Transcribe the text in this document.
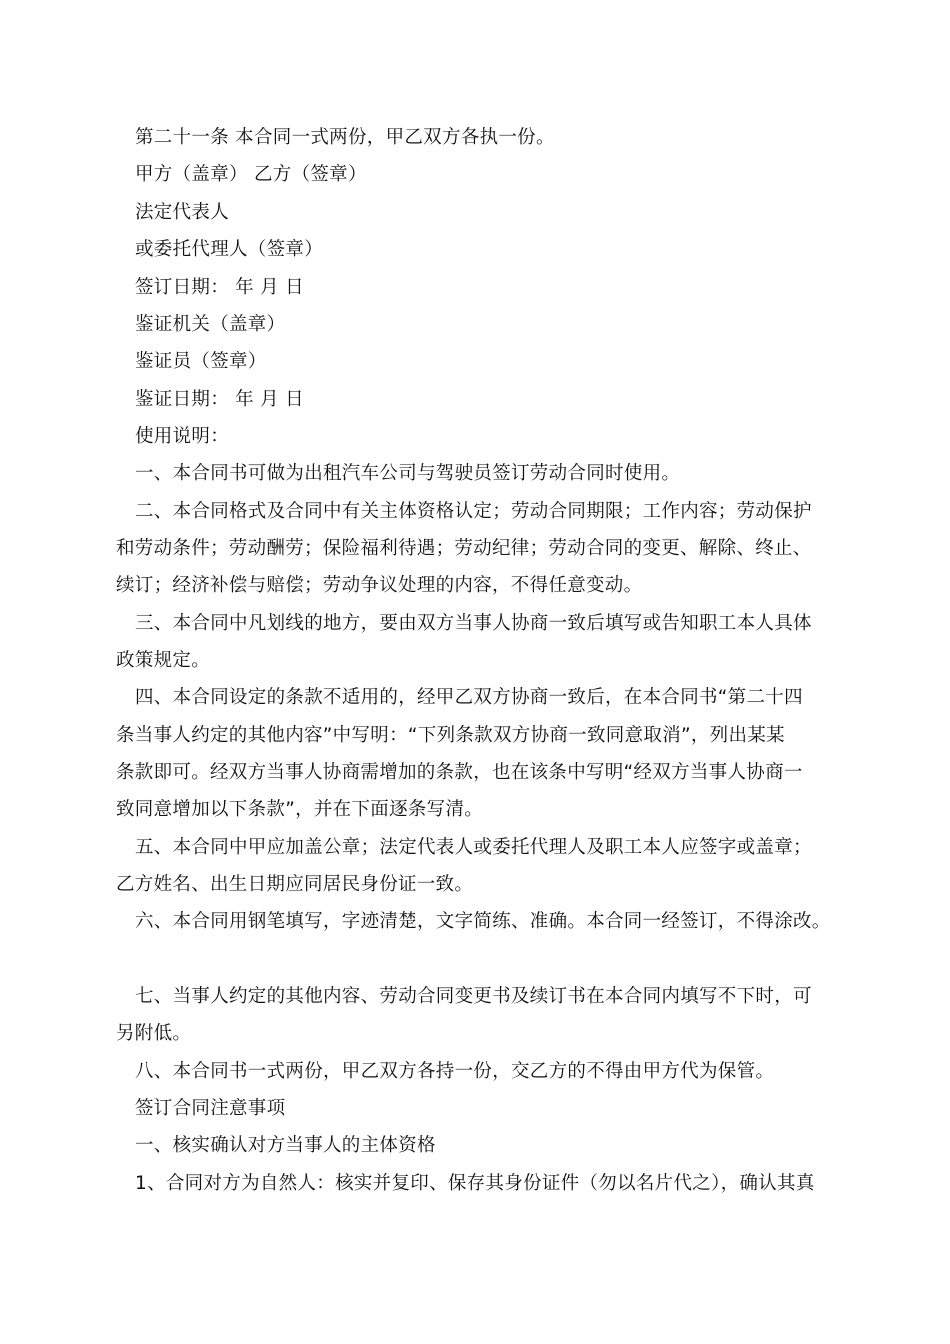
第二十一条 本合同一式两份，甲乙双方各执一份。
甲方（盖章） 乙方（签章）
法定代表人
或委托代理人（签章）
签订日期： 年 月 日
鉴证机关（盖章）
鉴证员（签章）
鉴证日期： 年 月 日
使用说明：
一、本合同书可做为出租汽车公司与驾驶员签订劳动合同时使用。
二、本合同格式及合同中有关主体资格认定；劳动合同期限；工作内容；劳动保护
和劳动条件；劳动酬劳；保险福利待遇；劳动纪律；劳动合同的变更、解除、终止、
续订；经济补偿与赔偿；劳动争议处理的内容，不得任意变动。
三、本合同中凡划线的地方，要由双方当事人协商一致后填写或告知职工本人具体
政策规定。
四、本合同设定的条款不适用的，经甲乙双方协商一致后，在本合同书“第二十四
条当事人约定的其他内容”中写明：“下列条款双方协商一致同意取消”，列出某某
条款即可。经双方当事人协商需增加的条款，也在该条中写明“经双方当事人协商一
致同意增加以下条款”，并在下面逐条写清。
五、本合同中甲应加盖公章；法定代表人或委托代理人及职工本人应签字或盖章；
乙方姓名、出生日期应同居民身份证一致。
六、本合同用钢笔填写，字迹清楚，文字简练、准确。本合同一经签订，不得涂改。
七、当事人约定的其他内容、劳动合同变更书及续订书在本合同内填写不下时，可
另附低。
八、本合同书一式两份，甲乙双方各持一份，交乙方的不得由甲方代为保管。
签订合同注意事项
一、核实确认对方当事人的主体资格
1、合同对方为自然人：核实并复印、保存其身份证件（勿以名片代之），确认其真
